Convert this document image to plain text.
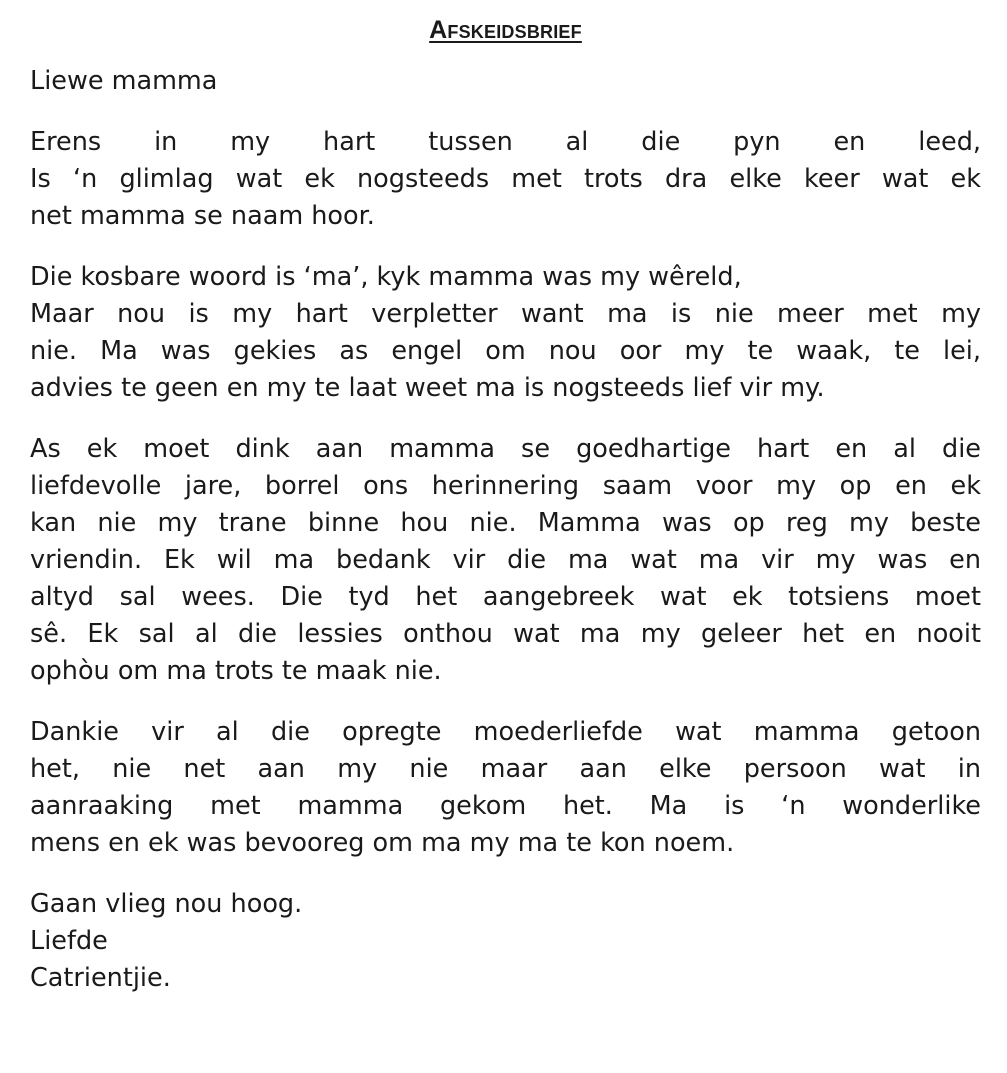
Afskeidsbrief
Liewe mamma
Erens in my hart tussen al die pyn en leed,
Is ‘n glimlag wat ek nogsteeds met trots dra elke keer wat ek
net mamma se naam hoor.
Die kosbare woord is ‘ma’, kyk mamma was my wêreld,
Maar nou is my hart verpletter want ma is nie meer met my
nie. Ma was gekies as engel om nou oor my te waak, te lei,
advies te geen en my te laat weet ma is nogsteeds lief vir my.
As ek moet dink aan mamma se goedhartige hart en al die
liefdevolle jare, borrel ons herinnering saam voor my op en ek
kan nie my trane binne hou nie. Mamma was op reg my beste
vriendin. Ek wil ma bedank vir die ma wat ma vir my was en
altyd sal wees. Die tyd het aangebreek wat ek totsiens moet
sê. Ek sal al die lessies onthou wat ma my geleer het en nooit
ophòu om ma trots te maak nie.
Dankie vir al die opregte moederliefde wat mamma getoon
het, nie net aan my nie maar aan elke persoon wat in
aanraaking met mamma gekom het. Ma is ‘n wonderlike
mens en ek was bevooreg om ma my ma te kon noem.
Gaan vlieg nou hoog.
Liefde
Catrientjie.
